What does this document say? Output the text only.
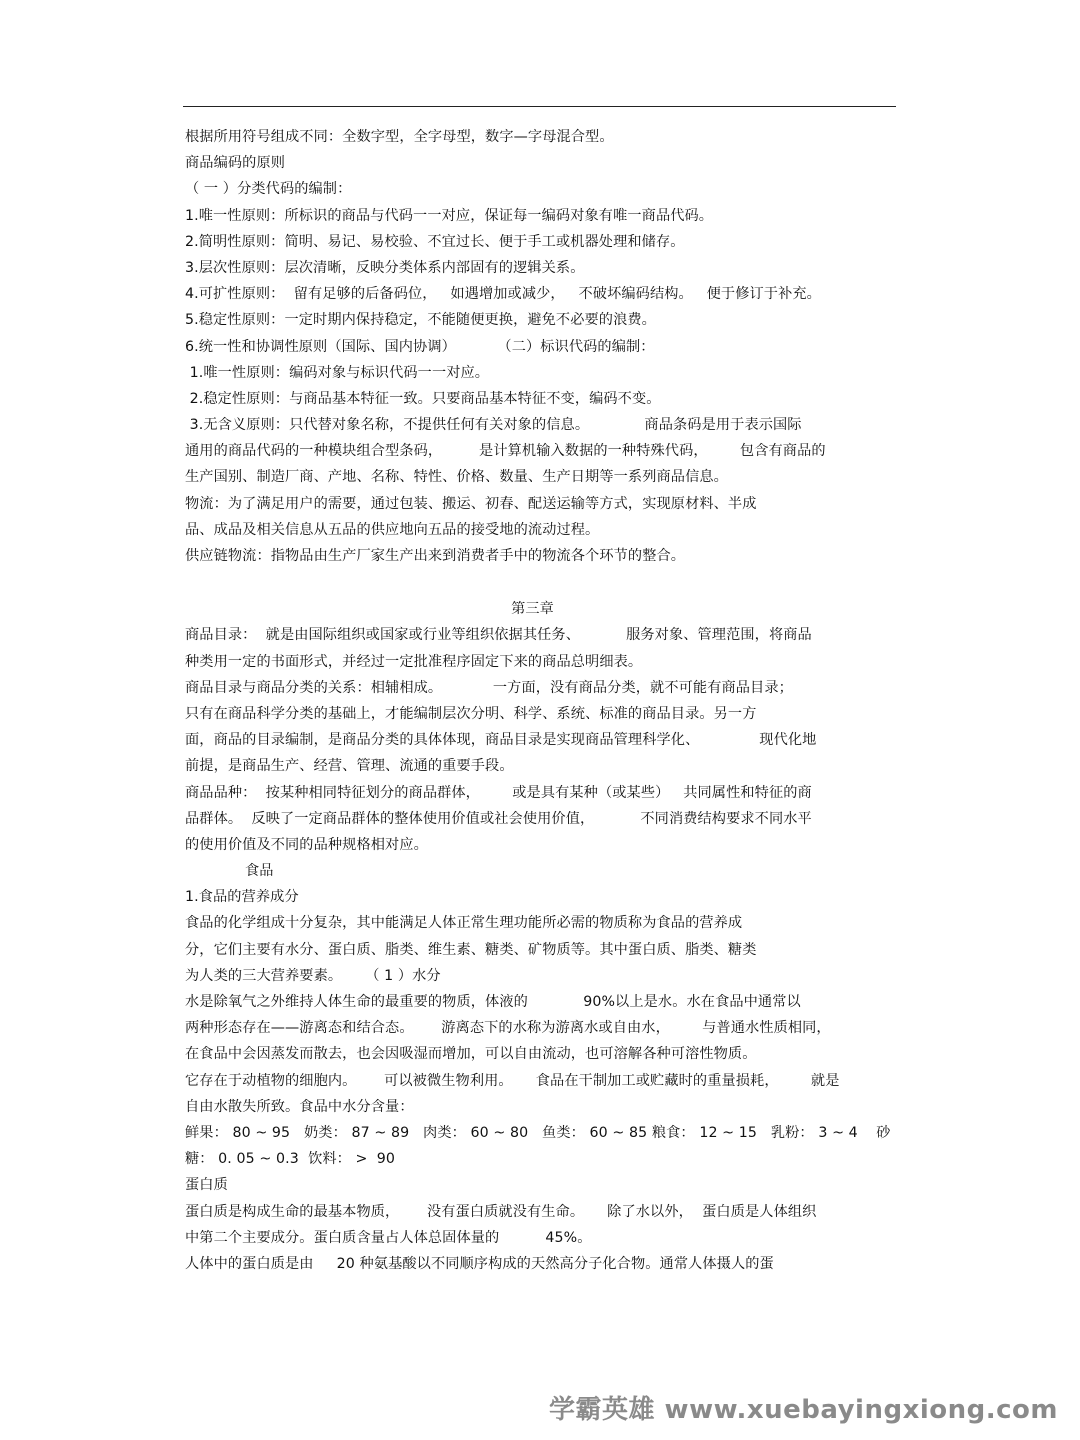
根据所用符号组成不同：全数字型，全字母型，数字—字母混合型。
商品编码的原则
（ 一 ）分类代码的编制：
1.唯一性原则：所标识的商品与代码一一对应，保证每一编码对象有唯一商品代码。
2.简明性原则：简明、易记、易校验、不宜过长、便于手工或机器处理和储存。
3.层次性原则：层次清晰，反映分类体系内部固有的逻辑关系。
4.可扩性原则：  留有足够的后备码位，   如遇增加或减少，   不破坏编码结构。   便于修订于补充。
5.稳定性原则：一定时期内保持稳定，不能随便更换，避免不必要的浪费。
6.统一性和协调性原则（国际、国内协调）         （二）标识代码的编制：
1.唯一性原则：编码对象与标识代码一一对应。
2.稳定性原则：与商品基本特征一致。只要商品基本特征不变，编码不变。
3.无含义原则：只代替对象名称，不提供任何有关对象的信息。            商品条码是用于表示国际
通用的商品代码的一种模块组合型条码，        是计算机输入数据的一种特殊代码，       包含有商品的
生产国别、制造厂商、产地、名称、特性、价格、数量、生产日期等一系列商品信息。
物流：为了满足用户的需要，通过包装、搬运、初春、配送运输等方式，实现原材料、半成
品、成品及相关信息从五品的供应地向五品的接受地的流动过程。
供应链物流：指物品由生产厂家生产出来到消费者手中的物流各个环节的整合。
第三章
商品目录：  就是由国际组织或国家或行业等组织依据其任务、          服务对象、管理范围，将商品
种类用一定的书面形式，并经过一定批准程序固定下来的商品总明细表。
商品目录与商品分类的关系：相辅相成。           一方面，没有商品分类，就不可能有商品目录；
只有在商品科学分类的基础上，才能编制层次分明、科学、系统、标准的商品目录。另一方
面，商品的目录编制，是商品分类的具体体现，商品目录是实现商品管理科学化、             现代化地
前提，是商品生产、经营、管理、流通的重要手段。
商品品种：  按某种相同特征划分的商品群体，       或是具有某种（或某些）   共同属性和特征的商
品群体。  反映了一定商品群体的整体使用价值或社会使用价值，          不同消费结构要求不同水平
的使用价值及不同的品种规格相对应。
食品
1.食品的营养成分
食品的化学组成十分复杂，其中能满足人体正常生理功能所必需的物质称为食品的营养成
分，它们主要有水分、蛋白质、脂类、维生素、糖类、矿物质等。其中蛋白质、脂类、糖类
为人类的三大营养要素。     （ 1 ）水分
水是除氧气之外维持人体生命的最重要的物质，体液的            90%以上是水。水在食品中通常以
两种形态存在——游离态和结合态。      游离态下的水称为游离水或自由水，       与普通水性质相同，
在食品中会因蒸发而散去，也会因吸湿而增加，可以自由流动，也可溶解各种可溶性物质。
它存在于动植物的细胞内。      可以被微生物利用。     食品在干制加工或贮藏时的重量损耗，       就是
自由水散失所致。食品中水分含量：
鲜果： 80 ~ 95   奶类： 87 ~ 89   肉类： 60 ~ 80   鱼类： 60 ~ 85 粮食： 12 ~ 15   乳粉： 3 ~ 4    砂
糖： 0. 05 ~ 0.3  饮料： >  90
蛋白质
蛋白质是构成生命的最基本物质，      没有蛋白质就没有生命。     除了水以外，  蛋白质是人体组织
中第二个主要成分。蛋白质含量占人体总固体量的          45%。
人体中的蛋白质是由     20 种氨基酸以不同顺序构成的天然高分子化合物。通常人体摄人的蛋
学霸英雄 www.xuebayingxiong.com
